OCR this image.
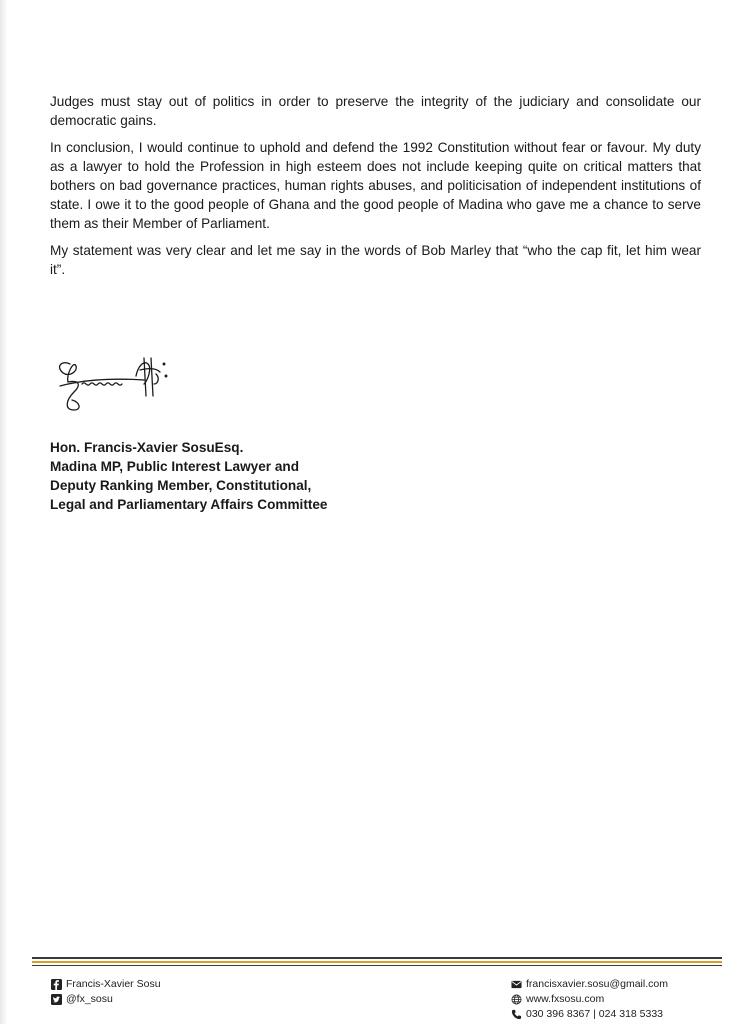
Judges must stay out of politics in order to preserve the integrity of the judiciary and consolidate our democratic gains.

In conclusion, I would continue to uphold and defend the 1992 Constitution without fear or favour. My duty as a lawyer to hold the Profession in high esteem does not include keeping quite on critical matters that bothers on bad governance practices, human rights abuses, and politicisation of independent institutions of state. I owe it to the good people of Ghana and the good people of Madina who gave me a chance to serve them as their Member of Parliament.

My statement was very clear and let me say in the words of Bob Marley that “who the cap fit, let him wear it”.

Hon. Francis-Xavier SosuEsq.
Madina MP, Public Interest Lawyer and
Deputy Ranking Member, Constitutional,
Legal and Parliamentary Affairs Committee
Francis-Xavier Sosu
@fx_sosu
francisxavier.sosu@gmail.com
www.fxsosu.com
030 396 8367 | 024 318 5333
